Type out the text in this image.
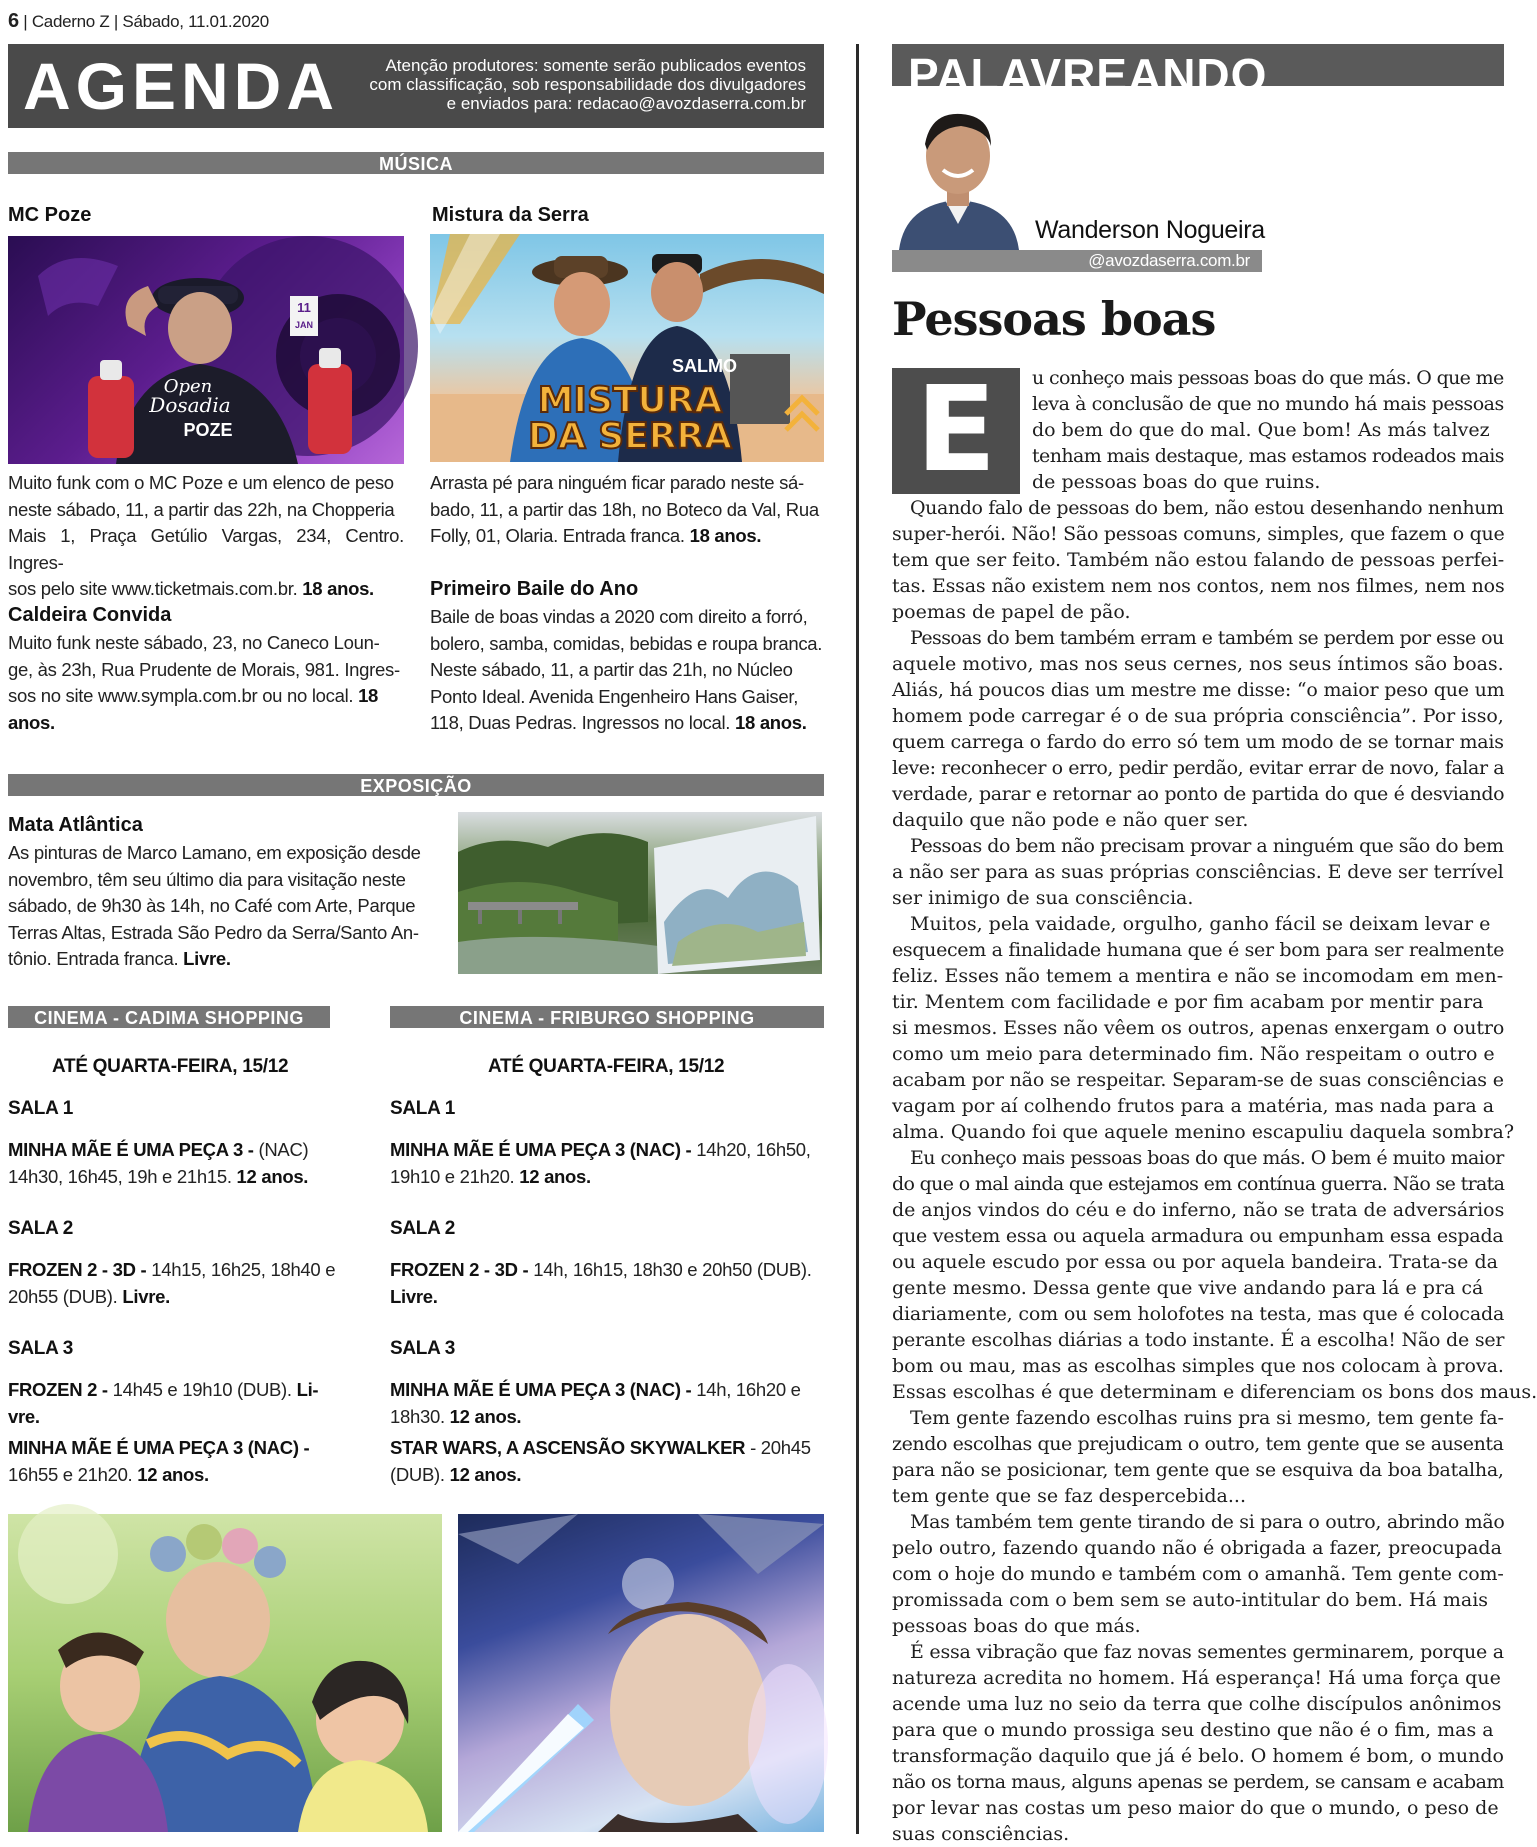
6 | Caderno Z | Sábado, 11.01.2020
AGENDA	Atenção produtores: somente serão publicados eventos
com classificação, sob responsabilidade dos divulgadores
e enviados para: redacao@avozdaserra.com.br
MÚSICA
MC Poze
11
JAN
Open
Dosadia
POZE
Muito funk com o MC Poze e um elenco de peso
neste sábado, 11, a partir das 22h, na Chopperia
Mais 1, Praça Getúlio Vargas, 234, Centro. Ingres-
sos pelo site www.ticketmais.com.br. 18 anos.
Caldeira Convida
Muito funk neste sábado, 23, no Caneco Loun-
ge, às 23h, Rua Prudente de Morais, 981. Ingres-
sos no site www.sympla.com.br ou no local. 18
anos.
Mistura da Serra
SALMO
MISTURA
DA SERRA
Arrasta pé para ninguém ficar parado neste sá-
bado, 11, a partir das 18h, no Boteco da Val, Rua
Folly, 01, Olaria. Entrada franca. 18 anos.
Primeiro Baile do Ano
Baile de boas vindas a 2020 com direito a forró,
bolero, samba, comidas, bebidas e roupa branca.
Neste sábado, 11, a partir das 21h, no Núcleo
Ponto Ideal. Avenida Engenheiro Hans Gaiser,
118, Duas Pedras. Ingressos no local. 18 anos.
EXPOSIÇÃO
Mata Atlântica
As pinturas de Marco Lamano, em exposição desde
novembro, têm seu último dia para visitação neste
sábado, de 9h30 às 14h, no Café com Arte, Parque
Terras Altas, Estrada São Pedro da Serra/Santo An-
tônio. Entrada franca. Livre.
CINEMA - CADIMA SHOPPING
ATÉ QUARTA-FEIRA, 15/12
SALA 1
MINHA MÃE É UMA PEÇA 3 - (NAC)
14h30, 16h45, 19h e 21h15. 12 anos.
SALA 2
FROZEN 2 - 3D - 14h15, 16h25, 18h40 e
20h55 (DUB). Livre.
SALA 3
FROZEN 2 - 14h45 e 19h10 (DUB). Li-
vre.
MINHA MÃE É UMA PEÇA 3 (NAC) -
16h55 e 21h20. 12 anos.
CINEMA - FRIBURGO SHOPPING
ATÉ QUARTA-FEIRA, 15/12
SALA 1
MINHA MÃE É UMA PEÇA 3 (NAC) - 14h20, 16h50,
19h10 e 21h20. 12 anos.
SALA 2
FROZEN 2 - 3D - 14h, 16h15, 18h30 e 20h50 (DUB).
Livre.
SALA 3
MINHA MÃE É UMA PEÇA 3 (NAC) - 14h, 16h20 e
18h30. 12 anos.
STAR WARS, A ASCENSÃO SKYWALKER - 20h45
(DUB). 12 anos.
PALAVREANDO
Wanderson Nogueira
@avozdaserra.com.br
Pessoas boas
E	u conheço mais pessoas boas do que más. O que me
leva à conclusão de que no mundo há mais pessoas
do bem do que do mal. Que bom! As más talvez
tenham mais destaque, mas estamos rodeados mais
de pessoas boas do que ruins.
Quando falo de pessoas do bem, não estou desenhando nenhum
super-herói. Não! São pessoas comuns, simples, que fazem o que
tem que ser feito. Também não estou falando de pessoas perfei-
tas. Essas não existem nem nos contos, nem nos filmes, nem nos
poemas de papel de pão.
Pessoas do bem também erram e também se perdem por esse ou
aquele motivo, mas nos seus cernes, nos seus íntimos são boas.
Aliás, há poucos dias um mestre me disse: “o maior peso que um
homem pode carregar é o de sua própria consciência”. Por isso,
quem carrega o fardo do erro só tem um modo de se tornar mais
leve: reconhecer o erro, pedir perdão, evitar errar de novo, falar a
verdade, parar e retornar ao ponto de partida do que é desviando
daquilo que não pode e não quer ser.
Pessoas do bem não precisam provar a ninguém que são do bem
a não ser para as suas próprias consciências. E deve ser terrível
ser inimigo de sua consciência.
Muitos, pela vaidade, orgulho, ganho fácil se deixam levar e
esquecem a finalidade humana que é ser bom para ser realmente
feliz. Esses não temem a mentira e não se incomodam em men-
tir. Mentem com facilidade e por fim acabam por mentir para
si mesmos. Esses não vêem os outros, apenas enxergam o outro
como um meio para determinado fim. Não respeitam o outro e
acabam por não se respeitar. Separam-se de suas consciências e
vagam por aí colhendo frutos para a matéria, mas nada para a
alma. Quando foi que aquele menino escapuliu daquela sombra?
Eu conheço mais pessoas boas do que más. O bem é muito maior
do que o mal ainda que estejamos em contínua guerra. Não se trata
de anjos vindos do céu e do inferno, não se trata de adversários
que vestem essa ou aquela armadura ou empunham essa espada
ou aquele escudo por essa ou por aquela bandeira. Trata-se da
gente mesmo. Dessa gente que vive andando para lá e pra cá
diariamente, com ou sem holofotes na testa, mas que é colocada
perante escolhas diárias a todo instante. É a escolha! Não de ser
bom ou mau, mas as escolhas simples que nos colocam à prova.
Essas escolhas é que determinam e diferenciam os bons dos maus.
Tem gente fazendo escolhas ruins pra si mesmo, tem gente fa-
zendo escolhas que prejudicam o outro, tem gente que se ausenta
para não se posicionar, tem gente que se esquiva da boa batalha,
tem gente que se faz despercebida...
Mas também tem gente tirando de si para o outro, abrindo mão
pelo outro, fazendo quando não é obrigada a fazer, preocupada
com o hoje do mundo e também com o amanhã. Tem gente com-
promissada com o bem sem se auto-intitular do bem. Há mais
pessoas boas do que más.
É essa vibração que faz novas sementes germinarem, porque a
natureza acredita no homem. Há esperança! Há uma força que
acende uma luz no seio da terra que colhe discípulos anônimos
para que o mundo prossiga seu destino que não é o fim, mas a
transformação daquilo que já é belo. O homem é bom, o mundo
não os torna maus, alguns apenas se perdem, se cansam e acabam
por levar nas costas um peso maior do que o mundo, o peso de
suas consciências.
